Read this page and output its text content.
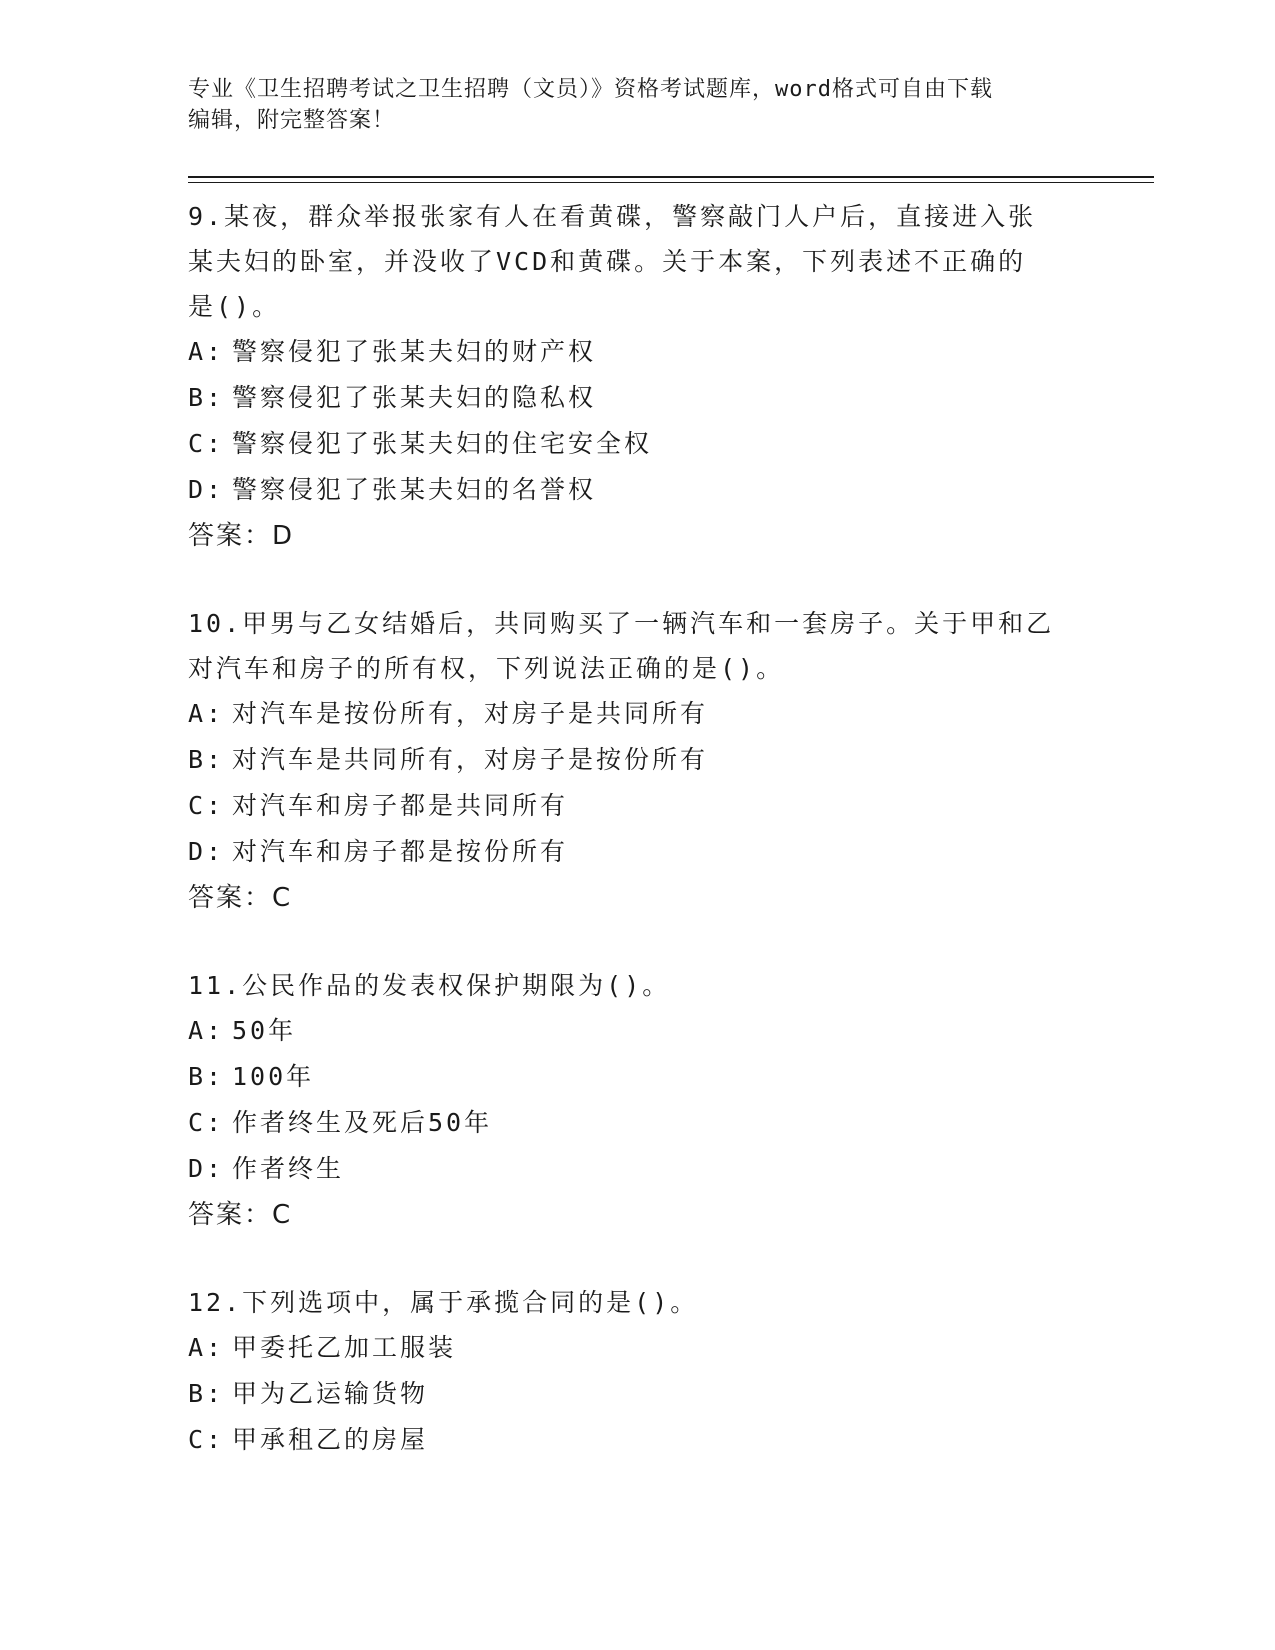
专业《卫生招聘考试之卫生招聘（文员）》资格考试题库，word格式可自由下载
编辑，附完整答案！
9.某夜，群众举报张家有人在看黄碟，警察敲门人户后，直接进入张
某夫妇的卧室，并没收了VCD和黄碟。关于本案，下列表述不正确的
是()。
A: 警察侵犯了张某夫妇的财产权
B: 警察侵犯了张某夫妇的隐私权
C: 警察侵犯了张某夫妇的住宅安全权
D: 警察侵犯了张某夫妇的名誉权
答案：D
10.甲男与乙女结婚后，共同购买了一辆汽车和一套房子。关于甲和乙
对汽车和房子的所有权，下列说法正确的是()。
A: 对汽车是按份所有，对房子是共同所有
B: 对汽车是共同所有，对房子是按份所有
C: 对汽车和房子都是共同所有
D: 对汽车和房子都是按份所有
答案：C
11.公民作品的发表权保护期限为()。
A: 50年
B: 100年
C: 作者终生及死后50年
D: 作者终生
答案：C
12.下列选项中，属于承揽合同的是()。
A: 甲委托乙加工服装
B: 甲为乙运输货物
C: 甲承租乙的房屋
